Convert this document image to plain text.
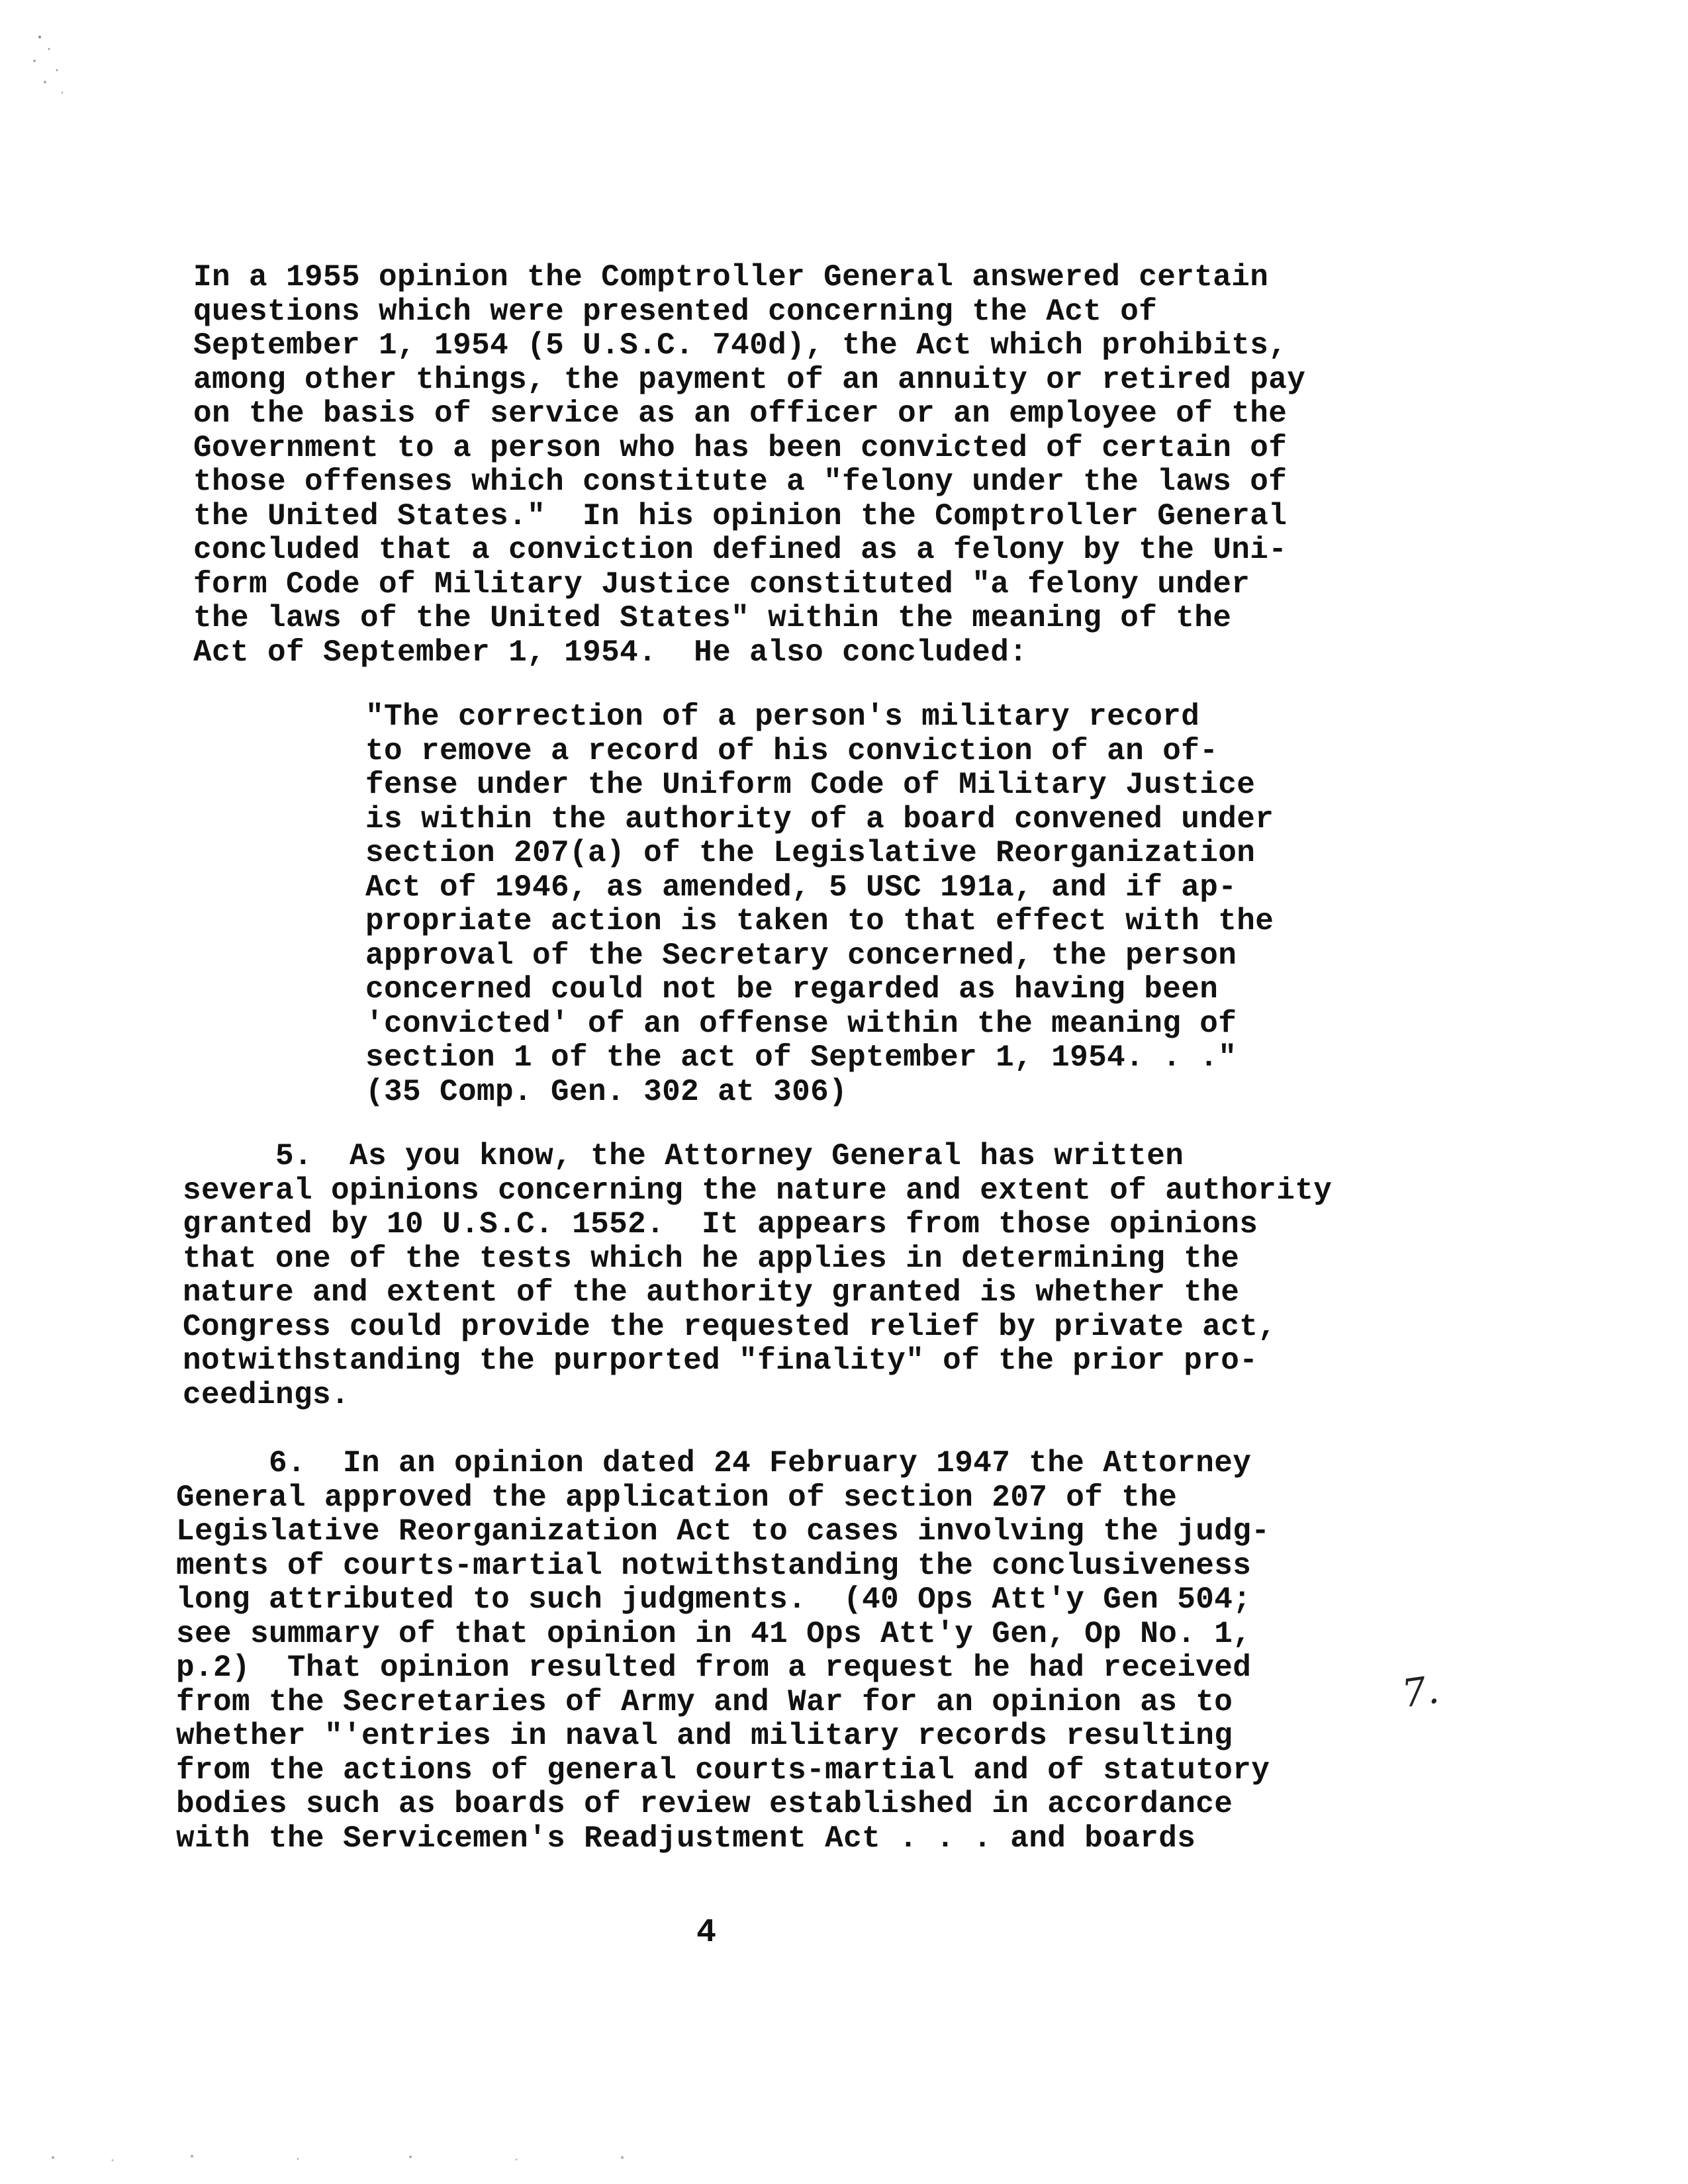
In a 1955 opinion the Comptroller General answered certain
questions which were presented concerning the Act of
September 1, 1954 (5 U.S.C. 740d), the Act which prohibits,
among other things, the payment of an annuity or retired pay
on the basis of service as an officer or an employee of the
Government to a person who has been convicted of certain of
those offenses which constitute a "felony under the laws of
the United States."  In his opinion the Comptroller General
concluded that a conviction defined as a felony by the Uni-
form Code of Military Justice constituted "a felony under
the laws of the United States" within the meaning of the
Act of September 1, 1954.  He also concluded:
"The correction of a person's military record
to remove a record of his conviction of an of-
fense under the Uniform Code of Military Justice
is within the authority of a board convened under
section 207(a) of the Legislative Reorganization
Act of 1946, as amended, 5 USC 191a, and if ap-
propriate action is taken to that effect with the
approval of the Secretary concerned, the person
concerned could not be regarded as having been
'convicted' of an offense within the meaning of
section 1 of the act of September 1, 1954. . ."
(35 Comp. Gen. 302 at 306)
5.  As you know, the Attorney General has written
several opinions concerning the nature and extent of authority
granted by 10 U.S.C. 1552.  It appears from those opinions
that one of the tests which he applies in determining the
nature and extent of the authority granted is whether the
Congress could provide the requested relief by private act,
notwithstanding the purported "finality" of the prior pro-
ceedings.
6.  In an opinion dated 24 February 1947 the Attorney
General approved the application of section 207 of the
Legislative Reorganization Act to cases involving the judg-
ments of courts-martial notwithstanding the conclusiveness
long attributed to such judgments.  (40 Ops Att'y Gen 504;
see summary of that opinion in 41 Ops Att'y Gen, Op No. 1,
p.2)  That opinion resulted from a request he had received
from the Secretaries of Army and War for an opinion as to
whether "'entries in naval and military records resulting
from the actions of general courts-martial and of statutory
bodies such as boards of review established in accordance
with the Servicemen's Readjustment Act . . . and boards

7.

4
